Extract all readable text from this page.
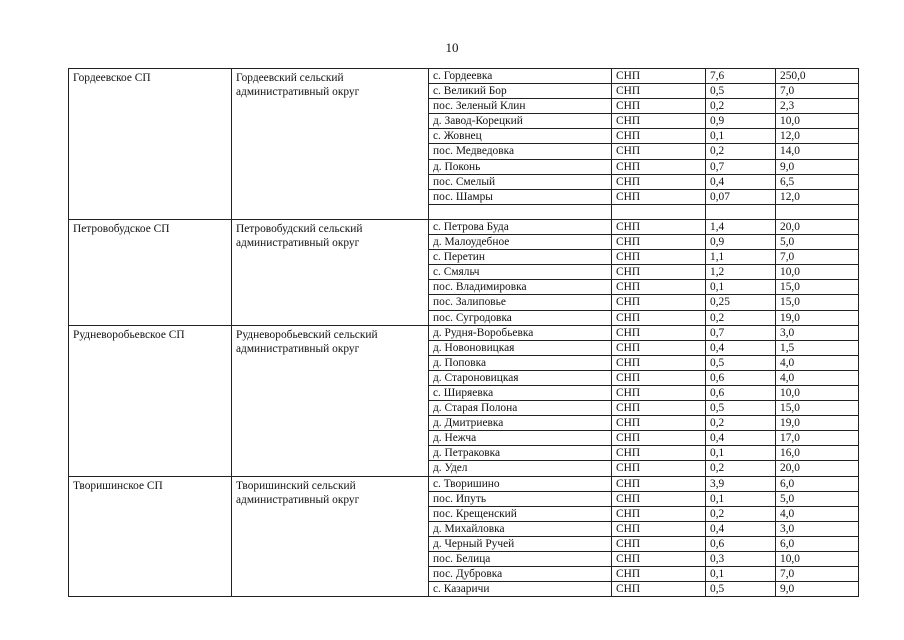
10
Гордеевское СП	Гордеевский сельский административный округ	с. Гордеевка	СНП	7,6	250,0
		с. Великий Бор	СНП	0,5	7,0
		пос. Зеленый Клин	СНП	0,2	2,3
		д. Завод-Корецкий	СНП	0,9	10,0
		с. Жовнец	СНП	0,1	12,0
		пос. Медведовка	СНП	0,2	14,0
		д. Поконь	СНП	0,7	9,0
		пос. Смелый	СНП	0,4	6,5
		пос. Шамры	СНП	0,07	12,0

Петровобудское СП	Петровобудский сельский административный округ	с. Петрова Буда	СНП	1,4	20,0
		д. Малоудебное	СНП	0,9	5,0
		с. Перетин	СНП	1,1	7,0
		с. Смяльч	СНП	1,2	10,0
		пос. Владимировка	СНП	0,1	15,0
		пос. Залиповье	СНП	0,25	15,0
		пос. Сугродовка	СНП	0,2	19,0
Рудневоробьевское СП	Рудневоробьевский сельский административный округ	д. Рудня-Воробьевка	СНП	0,7	3,0
		д. Новоновицкая	СНП	0,4	1,5
		д. Поповка	СНП	0,5	4,0
		д. Староновицкая	СНП	0,6	4,0
		с. Ширяевка	СНП	0,6	10,0
		д. Старая Полона	СНП	0,5	15,0
		д. Дмитриевка	СНП	0,2	19,0
		д. Нежча	СНП	0,4	17,0
		д. Петраковка	СНП	0,1	16,0
		д. Удел	СНП	0,2	20,0
Творишинское СП	Творишинский сельский административный округ	с. Творишино	СНП	3,9	6,0
		пос. Ипуть	СНП	0,1	5,0
		пос. Крещенский	СНП	0,2	4,0
		д. Михайловка	СНП	0,4	3,0
		д. Черный Ручей	СНП	0,6	6,0
		пос. Белица	СНП	0,3	10,0
		пос. Дубровка	СНП	0,1	7,0
		с. Казаричи	СНП	0,5	9,0
